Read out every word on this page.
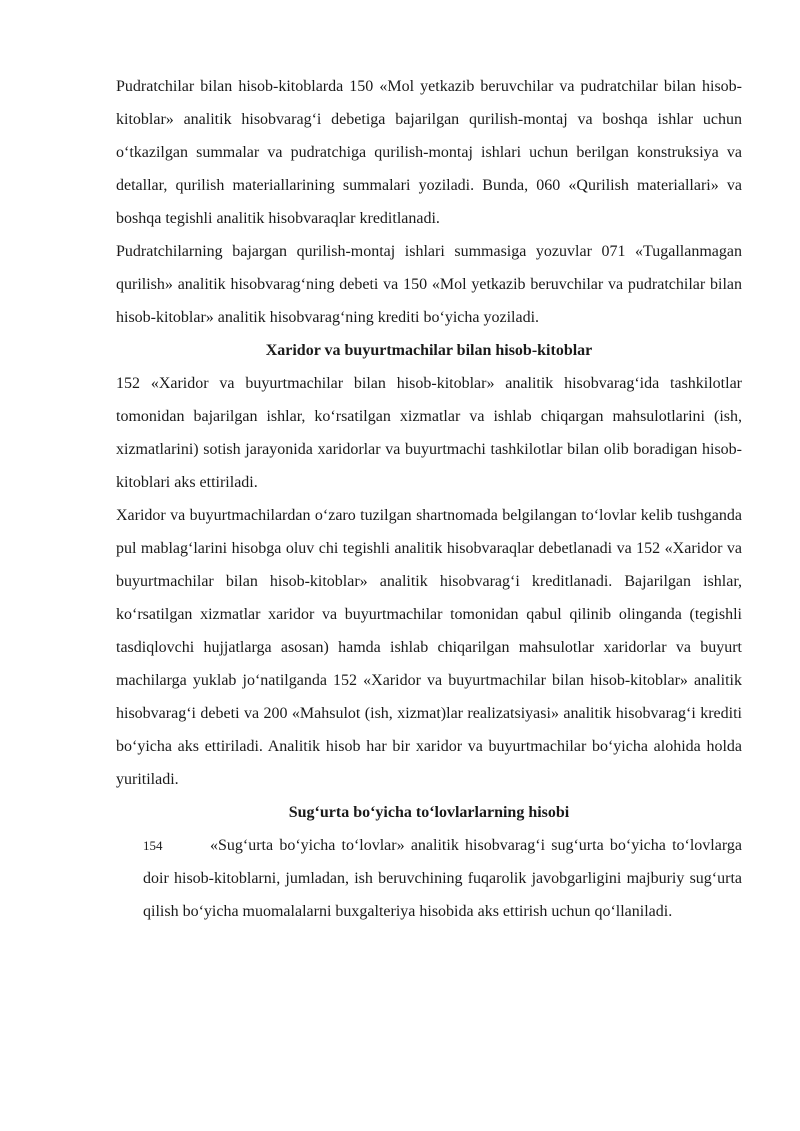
Pudratchilar bilan hisob-kitoblarda 150 «Mol yetkazib beruvchilar va pudratchilar bilan hisob-kitoblar» analitik hisobvarag‘i debetiga bajarilgan qurilish-montaj va boshqa ishlar uchun o‘tkazilgan summalar va pudratchiga qurilish-montaj ishlari uchun berilgan konstruksiya va detallar, qurilish materiallarining summalari yoziladi. Bunda, 060 «Qurilish materiallari» va boshqa tegishli analitik hisobvaraqlar kreditlanadi.

Pudratchilarning bajargan qurilish-montaj ishlari summasiga yozuvlar 071 «Tugallanmagan qurilish» analitik hisobvarag‘ning debeti va 150 «Mol yetkazib beruvchilar va pudratchilar bilan hisob-kitoblar» analitik hisobvarag‘ning krediti bo‘yicha yoziladi.

Xaridor va buyurtmachilar bilan hisob-kitoblar

152 «Xaridor va buyurtmachilar bilan hisob-kitoblar» analitik hisobvarag‘ida tashkilotlar tomonidan bajarilgan ishlar, ko‘rsatilgan xizmatlar va ishlab chiqargan mahsulotlarini (ish, xizmatlarini) sotish jarayonida xaridorlar va buyurtmachi tashkilotlar bilan olib boradigan hisob-kitoblari aks ettiriladi.

Xaridor va buyurtmachilardan o‘zaro tuzilgan shartnomada belgilangan to‘lovlar kelib tushganda pul mablag‘larini hisobga oluv chi tegishli analitik hisobvaraqlar debetlanadi va 152 «Xaridor va buyurtmachilar bilan hisob-kitoblar» analitik hisobvarag‘i kreditlanadi. Bajarilgan ishlar, ko‘rsatilgan xizmatlar xaridor va buyurtmachilar tomonidan qabul qilinib olinganda (tegishli tasdiqlovchi hujjatlarga asosan) hamda ishlab chiqarilgan mahsulotlar xaridorlar va buyurt machilarga yuklab jo‘natilganda 152 «Xaridor va buyurtmachilar bilan hisob-kitoblar» analitik hisobvarag‘i debeti va 200 «Mahsulot (ish, xizmat)lar realizatsiyasi» analitik hisobvarag‘i krediti bo‘yicha aks ettiriladi. Analitik hisob har bir xaridor va buyurtmachilar bo‘yicha alohida holda yuritiladi.

Sug‘urta bo‘yicha to‘lovlarlarning hisobi

154	«Sug‘urta bo‘yicha to‘lovlar» analitik hisobvarag‘i sug‘urta bo‘yicha to‘lovlarga doir hisob-kitoblarni, jumladan, ish beruvchining fuqarolik javobgarligini majburiy sug‘urta qilish bo‘yicha muomalalarni buxgalteriya hisobida aks ettirish uchun qo‘llaniladi.
